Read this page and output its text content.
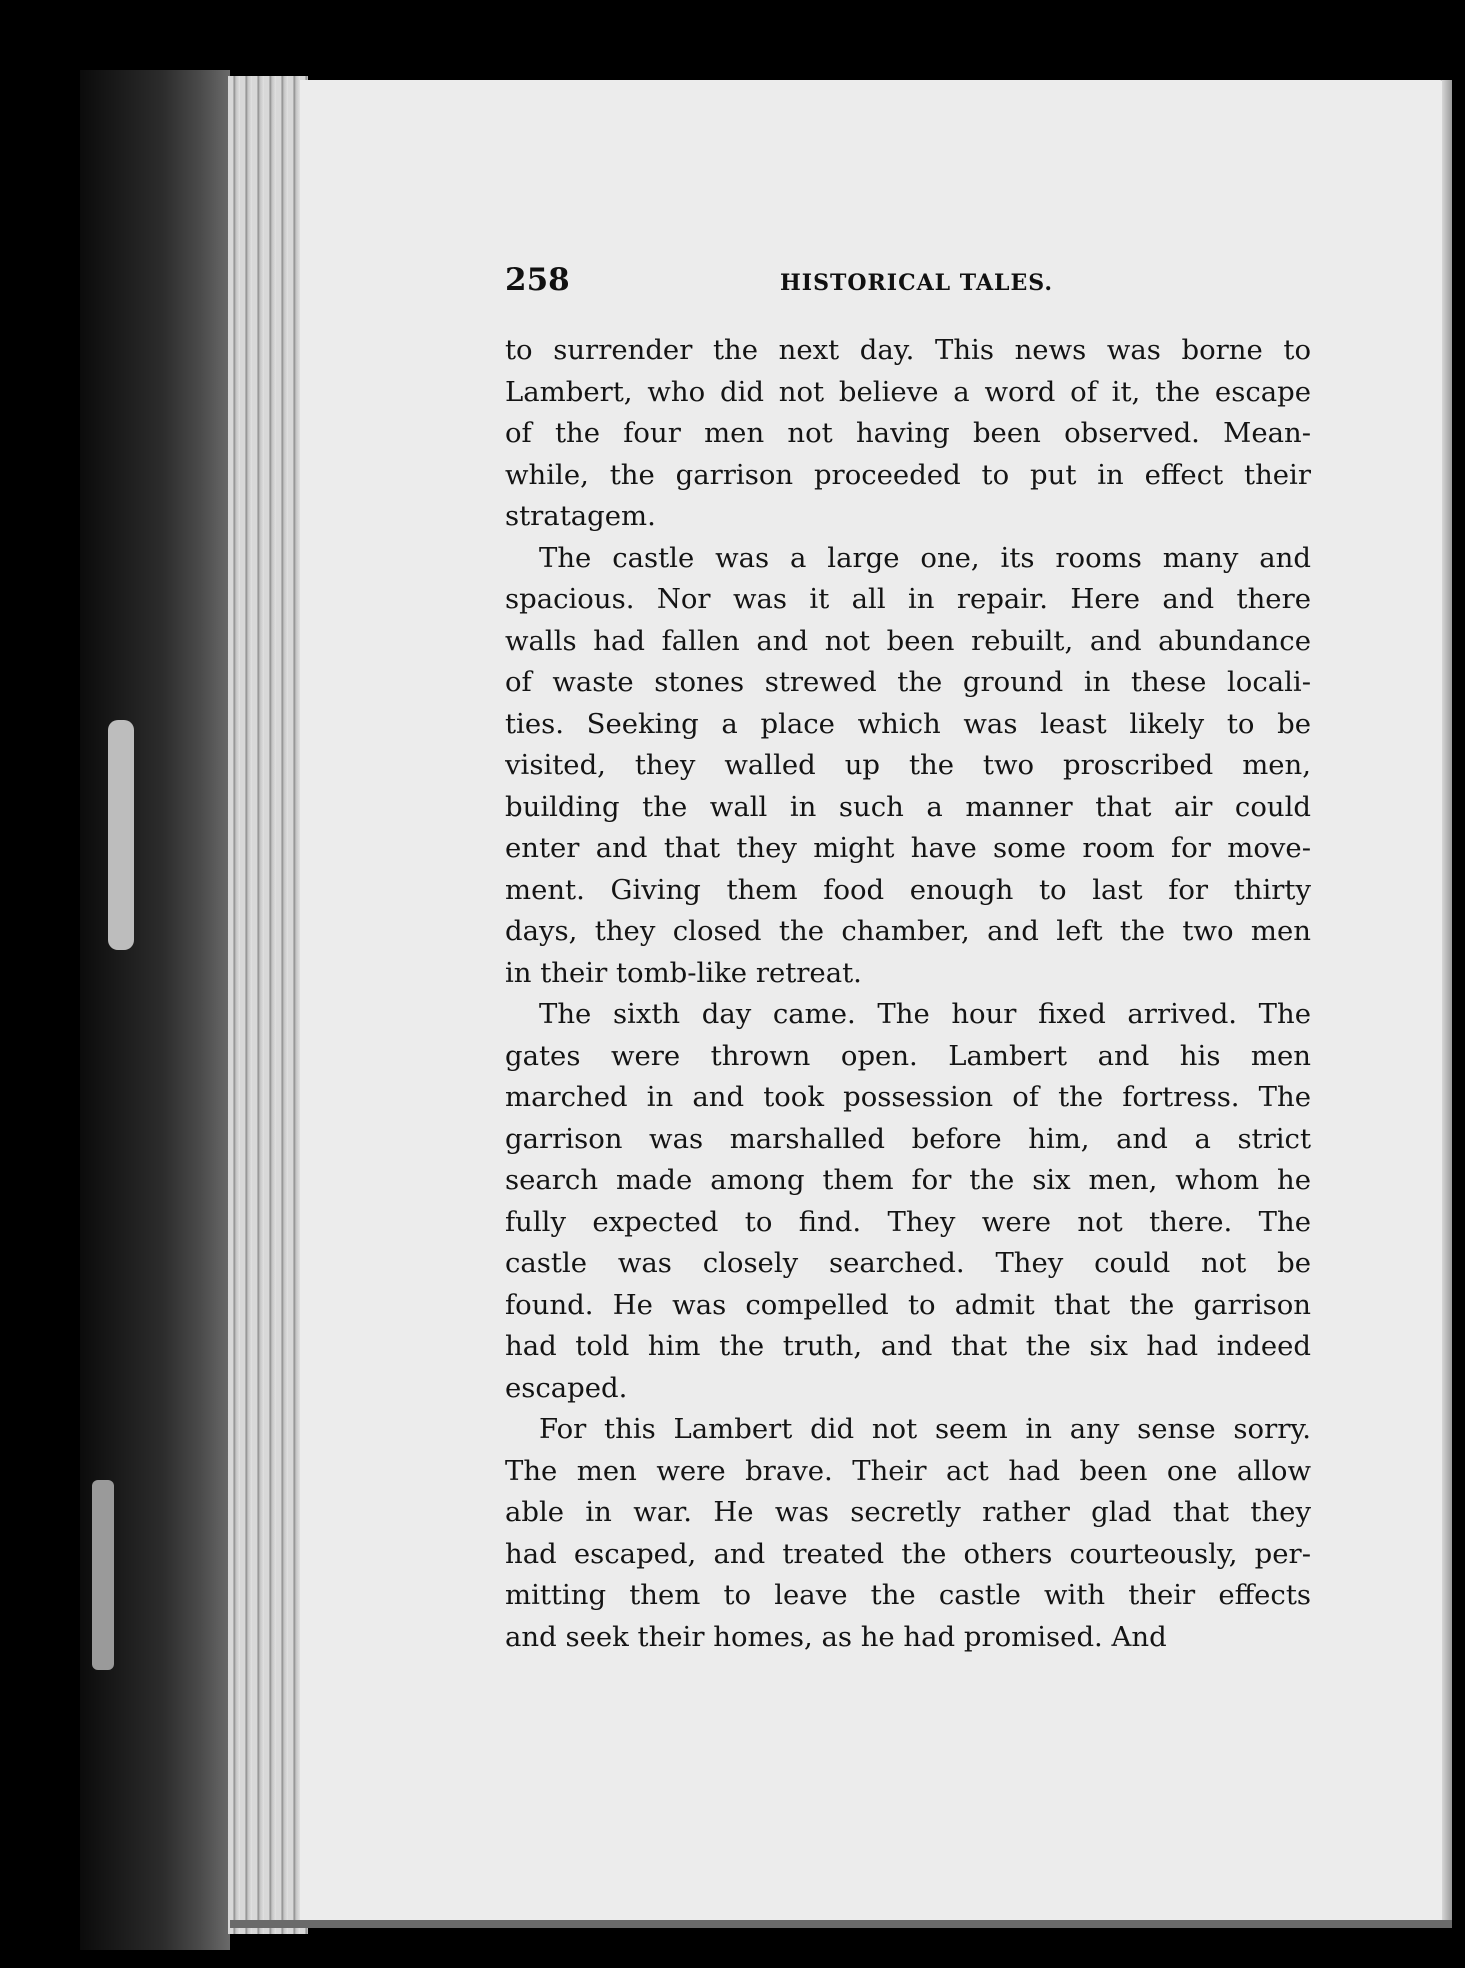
258	HISTORICAL TALES.
to surrender the next day. This news was borne to
Lambert, who did not believe a word of it, the escape
of the four men not having been observed. Mean-
while, the garrison proceeded to put in effect their
stratagem.
The castle was a large one, its rooms many and
spacious. Nor was it all in repair. Here and there
walls had fallen and not been rebuilt, and abundance
of waste stones strewed the ground in these locali-
ties. Seeking a place which was least likely to be
visited, they walled up the two proscribed men,
building the wall in such a manner that air could
enter and that they might have some room for move-
ment. Giving them food enough to last for thirty
days, they closed the chamber, and left the two men
in their tomb-like retreat.
The sixth day came. The hour fixed arrived. The
gates were thrown open. Lambert and his men
marched in and took possession of the fortress. The
garrison was marshalled before him, and a strict
search made among them for the six men, whom he
fully expected to find. They were not there. The
castle was closely searched. They could not be
found. He was compelled to admit that the garrison
had told him the truth, and that the six had indeed
escaped.
For this Lambert did not seem in any sense sorry.
The men were brave. Their act had been one allow
able in war. He was secretly rather glad that they
had escaped, and treated the others courteously, per-
mitting them to leave the castle with their effects
and seek their homes, as he had promised. And
